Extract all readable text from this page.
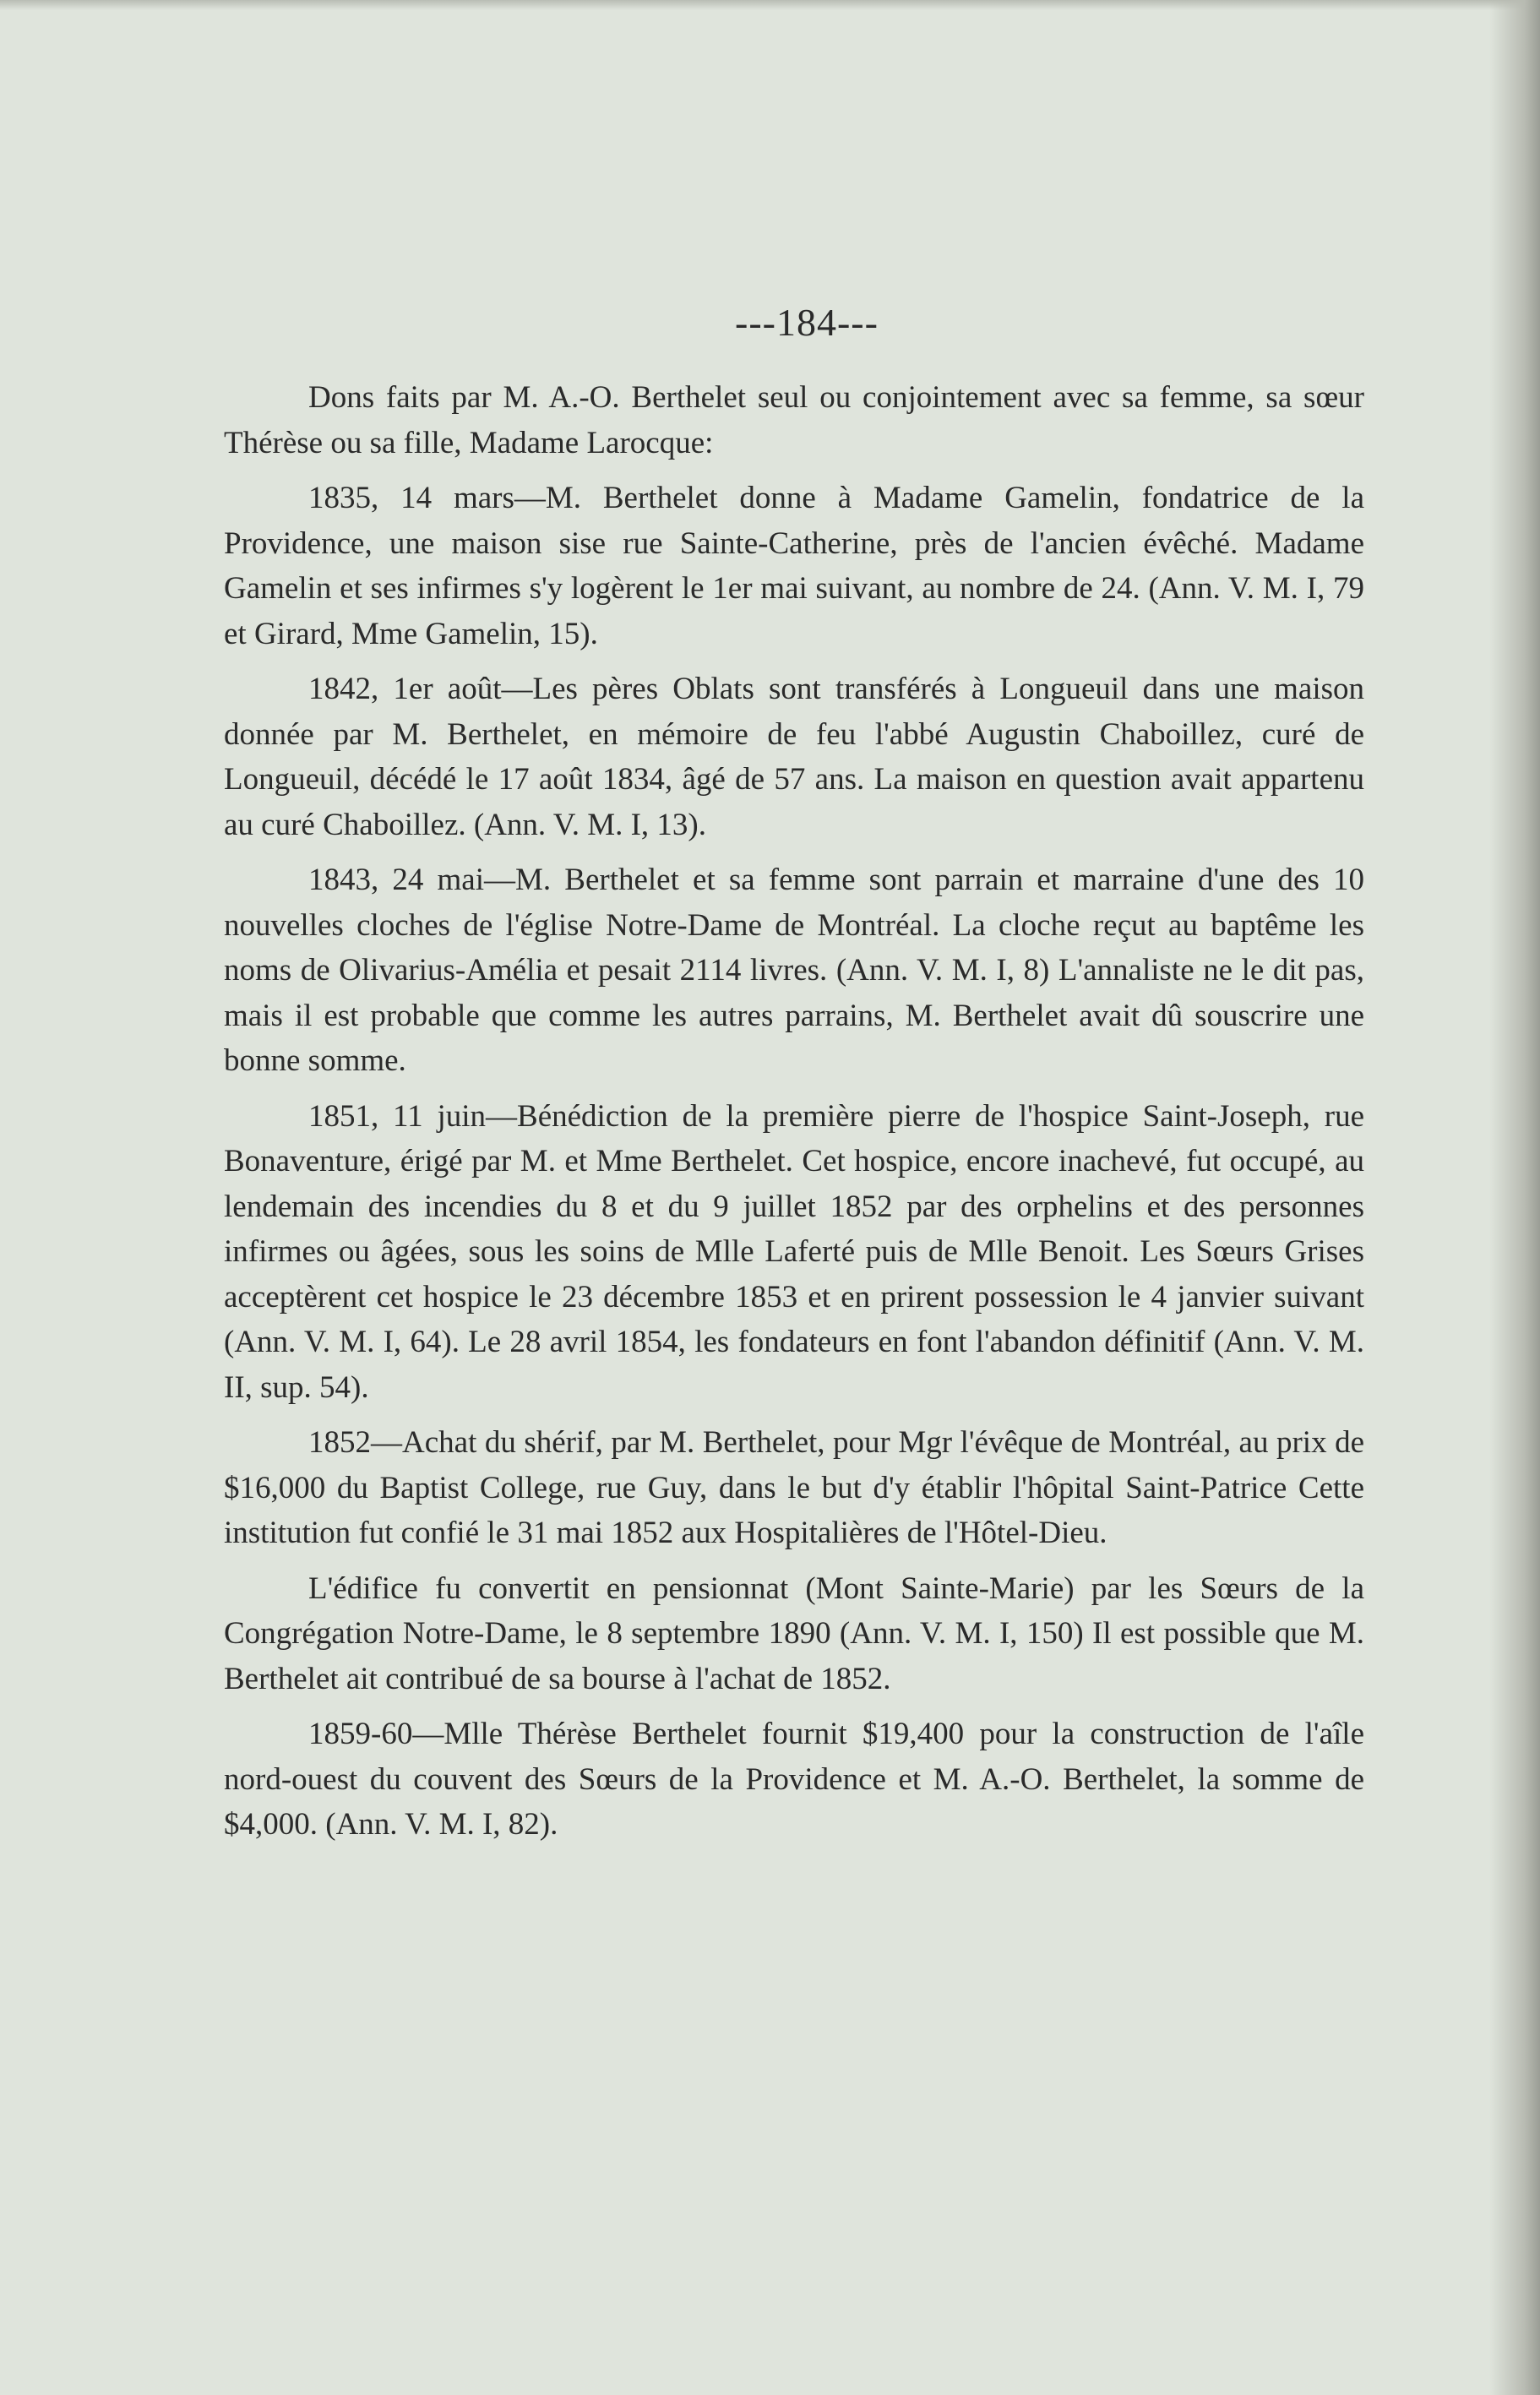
---184---

Dons faits par M. A.-O. Berthelet seul ou conjointement avec sa femme, sa sœur Thérèse ou sa fille, Madame Larocque:

1835, 14 mars—M. Berthelet donne à Madame Gamelin, fondatrice de la Providence, une maison sise rue Sainte-Catherine, près de l'ancien évêché. Madame Gamelin et ses infirmes s'y logèrent le 1er mai suivant, au nombre de 24. (Ann. V. M. I, 79 et Girard, Mme Gamelin, 15).

1842, 1er août—Les pères Oblats sont transférés à Longueuil dans une maison donnée par M. Berthelet, en mémoire de feu l'abbé Augustin Chaboillez, curé de Longueuil, décédé le 17 août 1834, âgé de 57 ans. La maison en question avait appartenu au curé Chaboillez. (Ann. V. M. I, 13).

1843, 24 mai—M. Berthelet et sa femme sont parrain et marraine d'une des 10 nouvelles cloches de l'église Notre-Dame de Montréal. La cloche reçut au baptême les noms de Olivarius-Amélia et pesait 2114 livres. (Ann. V. M. I, 8) L'annaliste ne le dit pas, mais il est probable que comme les autres parrains, M. Berthelet avait dû souscrire une bonne somme.

1851, 11 juin—Bénédiction de la première pierre de l'hospice Saint-Joseph, rue Bonaventure, érigé par M. et Mme Berthelet. Cet hospice, encore inachevé, fut occupé, au lendemain des incendies du 8 et du 9 juillet 1852 par des orphelins et des personnes infirmes ou âgées, sous les soins de Mlle Laferté puis de Mlle Benoit. Les Sœurs Grises acceptèrent cet hospice le 23 décembre 1853 et en prirent possession le 4 janvier suivant (Ann. V. M. I, 64). Le 28 avril 1854, les fondateurs en font l'abandon définitif (Ann. V. M. II, sup. 54).

1852—Achat du shérif, par M. Berthelet, pour Mgr l'évêque de Montréal, au prix de $16,000 du Baptist College, rue Guy, dans le but d'y établir l'hôpital Saint-Patrice Cette institution fut confié le 31 mai 1852 aux Hospitalières de l'Hôtel-Dieu.

L'édifice fu convertit en pensionnat (Mont Sainte-Marie) par les Sœurs de la Congrégation Notre-Dame, le 8 septembre 1890 (Ann. V. M. I, 150) Il est possible que M. Berthelet ait contribué de sa bourse à l'achat de 1852.

1859-60—Mlle Thérèse Berthelet fournit $19,400 pour la construction de l'aîle nord-ouest du couvent des Sœurs de la Providence et M. A.-O. Berthelet, la somme de $4,000. (Ann. V. M. I, 82).
